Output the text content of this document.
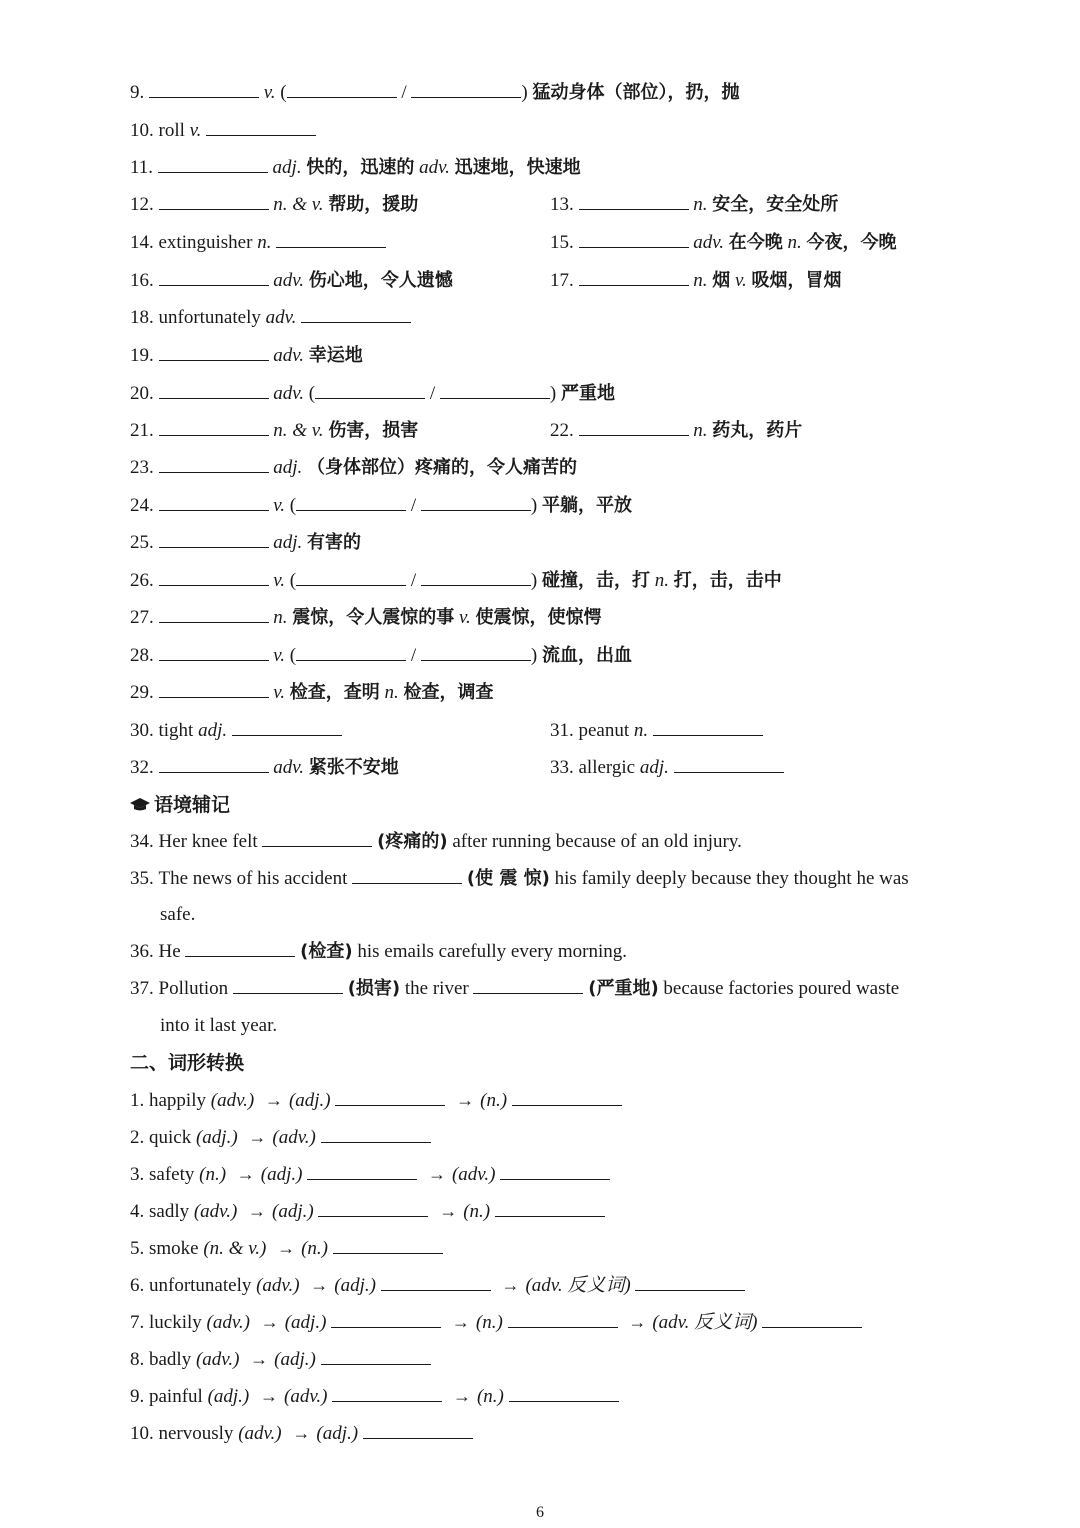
9.	v. (	/	) 猛动身体（部位），扔，抛
10. roll v.
11.	adj. 快的，迅速的 adv. 迅速地，快速地
12.	n. & v. 帮助，援助	13.	n. 安全，安全处所
14. extinguisher n.	15.	adv. 在今晚 n. 今夜，今晚
16.	adv. 伤心地，令人遗憾	17.	n. 烟 v. 吸烟，冒烟
18. unfortunately adv.
19.	adv. 幸运地
20.	adv. (	/	) 严重地
21.	n. & v. 伤害，损害	22.	n. 药丸，药片
23.	adj. （身体部位）疼痛的，令人痛苦的
24.	v. (	/	) 平躺，平放
25.	adj. 有害的
26.	v. (	/	) 碰撞，击，打 n. 打，击，击中
27.	n. 震惊，令人震惊的事 v. 使震惊，使惊愕
28.	v. (	/	) 流血，出血
29.	v. 检查，查明 n. 检查，调查
30. tight adj.	31. peanut n.
32.	adv. 紧张不安地	33. allergic adj.
语境辅记
34. Her knee felt	(疼痛的) after running because of an old injury.
35. The news of his accident	(使 震 惊) his family deeply because they thought he was
safe.
36. He	(检查) his emails carefully every morning.
37. Pollution	(损害) the river	(严重地) because factories poured waste
into it last year.
二、词形转换
1. happily (adv.) → (adj.)	→ (n.)
2. quick (adj.) → (adv.)
3. safety (n.) → (adj.)	→ (adv.)
4. sadly (adv.) → (adj.)	→ (n.)
5. smoke (n. & v.) → (n.)
6. unfortunately (adv.) → (adj.)	→ (adv. 反义词)
7. luckily (adv.) → (adj.)	→ (n.)	→ (adv. 反义词)
8. badly (adv.) → (adj.)
9. painful (adj.) → (adv.)	→ (n.)
10. nervously (adv.) → (adj.)
6
